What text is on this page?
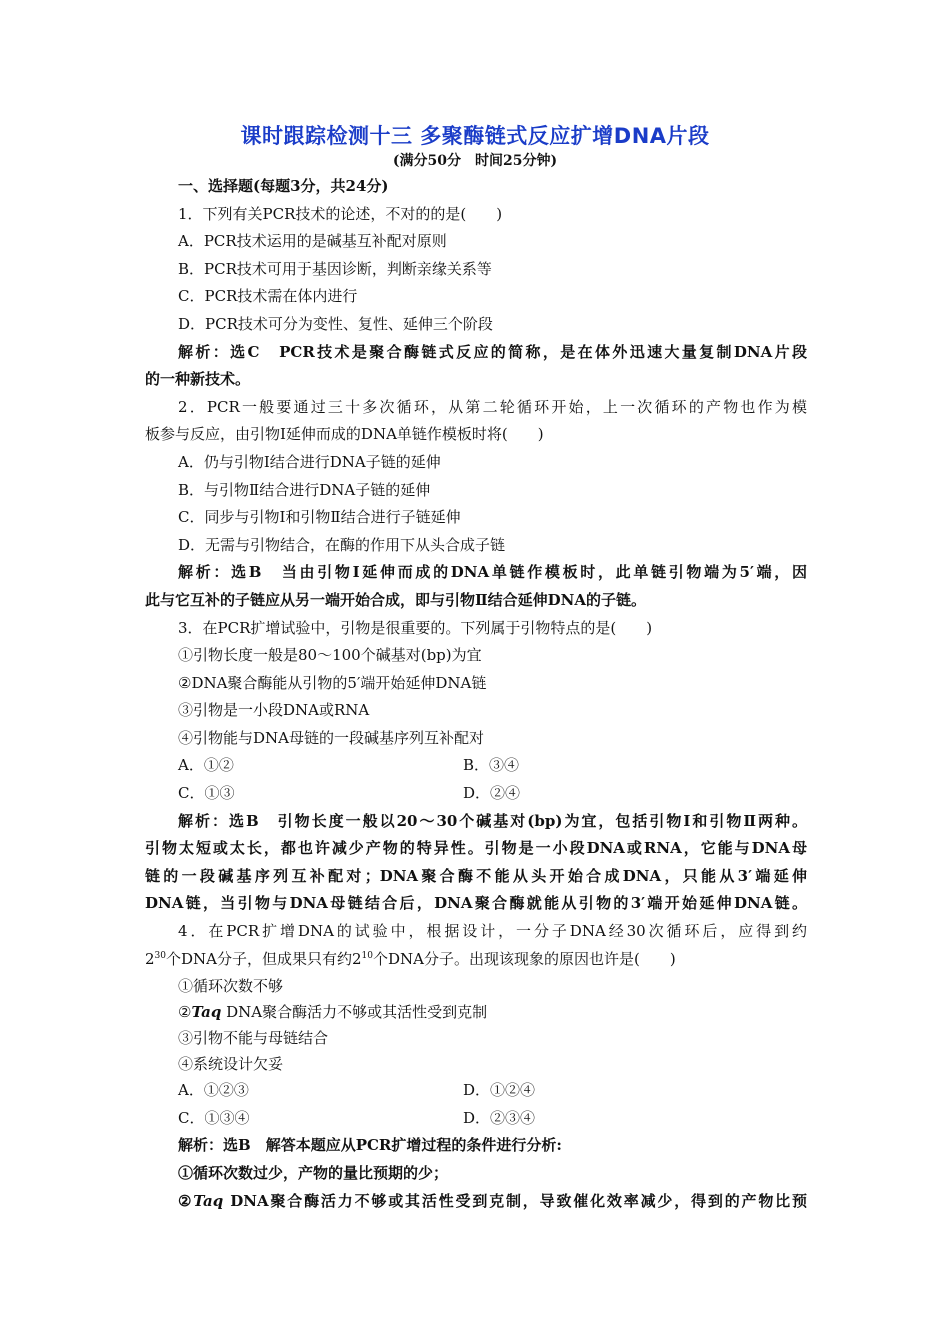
课时跟踪检测十三 多聚酶链式反应扩增DNA片段
(满分50分　时间25分钟)
一、选择题(每题3分，共24分)
1．下列有关PCR技术的论述，不对的的是(　　)
A．PCR技术运用的是碱基互补配对原则
B．PCR技术可用于基因诊断，判断亲缘关系等
C．PCR技术需在体内进行
D．PCR技术可分为变性、复性、延伸三个阶段
解析：选C　PCR技术是聚合酶链式反应的简称，是在体外迅速大量复制DNA片段
的一种新技术。
2．PCR一般要通过三十多次循环，从第二轮循环开始，上一次循环的产物也作为模
板参与反应，由引物Ⅰ延伸而成的DNA单链作模板时将(　　)
A．仍与引物Ⅰ结合进行DNA子链的延伸
B．与引物Ⅱ结合进行DNA子链的延伸
C．同步与引物Ⅰ和引物Ⅱ结合进行子链延伸
D．无需与引物结合，在酶的作用下从头合成子链
解析：选B　当由引物Ⅰ延伸而成的DNA单链作模板时，此单链引物端为5′端，因
此与它互补的子链应从另一端开始合成，即与引物Ⅱ结合延伸DNA的子链。
3．在PCR扩增试验中，引物是很重要的。下列属于引物特点的是(　　)
①引物长度一般是80～100个碱基对(bp)为宜
②DNA聚合酶能从引物的5′端开始延伸DNA链
③引物是一小段DNA或RNA
④引物能与DNA母链的一段碱基序列互补配对
A．①②	B．③④
C．①③	D．②④
解析：选B　引物长度一般以20～30个碱基对(bp)为宜，包括引物Ⅰ和引物Ⅱ两种。
引物太短或太长，都也许减少产物的特异性。引物是一小段DNA或RNA，它能与DNA母
链的一段碱基序列互补配对；DNA聚合酶不能从头开始合成DNA，只能从3′端延伸
DNA链，当引物与DNA母链结合后，DNA聚合酶就能从引物的3′端开始延伸DNA链。
4．在PCR扩增DNA的试验中，根据设计，一分子DNA经30次循环后，应得到约
$2^{30}$个DNA分子，但成果只有约$2^{10}$个DNA分子。出现该现象的原因也许是(　　)
①循环次数不够
②Taq DNA聚合酶活力不够或其活性受到克制
③引物不能与母链结合
④系统设计欠妥
A．①②③	D．①②④
C．①③④	D．②③④
解析：选B　解答本题应从PCR扩增过程的条件进行分析:
①循环次数过少，产物的量比预期的少；
②Taq DNA聚合酶活力不够或其活性受到克制，导致催化效率减少，得到的产物比预
